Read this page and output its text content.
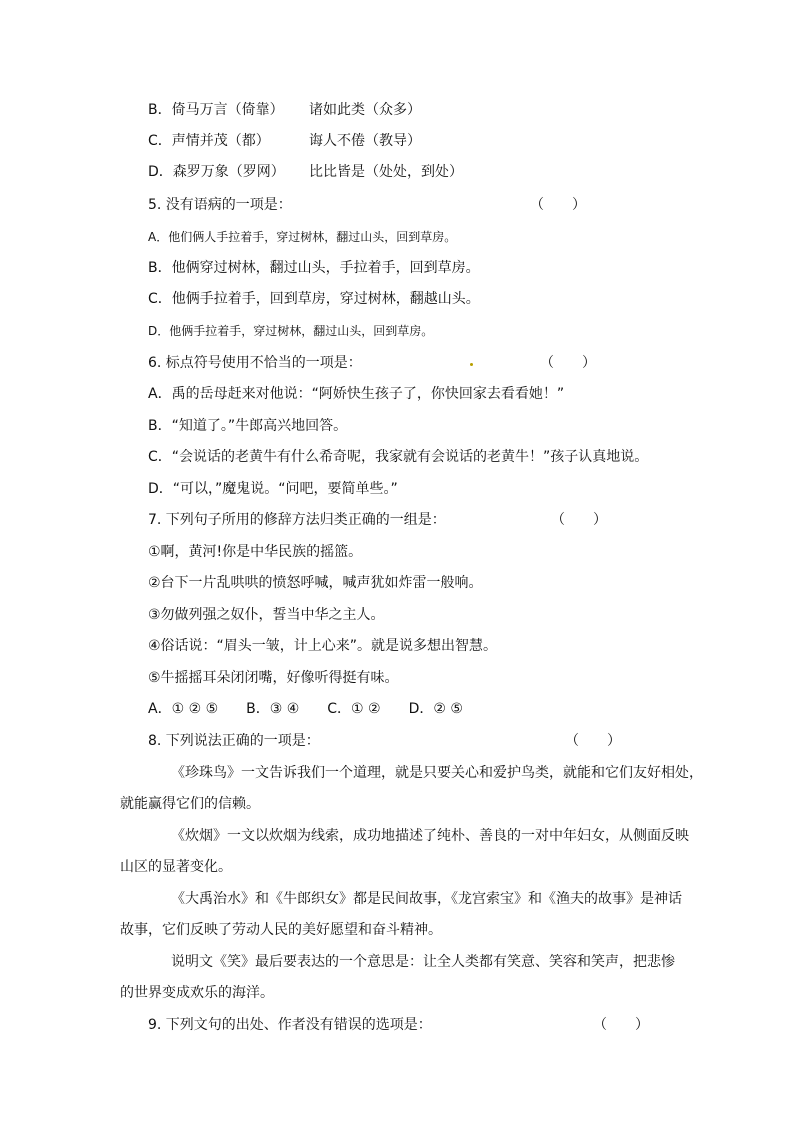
B．倚马万言（倚靠） 诸如此类（众多）
C．声情并茂（都）	诲人不倦（教导）
D．森罗万象（罗网） 比比皆是（处处，到处）
5. 没有语病的一项是：	（　　）
A．他们俩人手拉着手，穿过树林，翻过山头，回到草房。
B．他俩穿过树林，翻过山头，手拉着手，回到草房。
C．他俩手拉着手，回到草房，穿过树林，翻越山头。
D．他俩手拉着手，穿过树林，翻过山头，回到草房。
6. 标点符号使用不恰当的一项是：	（　　）
A．禹的岳母赶来对他说：“阿娇快生孩子了，你快回家去看看她！”
B．“知道了。”牛郎高兴地回答。
C．“会说话的老黄牛有什么希奇呢，我家就有会说话的老黄牛！”孩子认真地说。
D．“可以，”魔鬼说。“问吧，要简单些。”
7. 下列句子所用的修辞方法归类正确的一组是：	（　　）
①啊，黄河!你是中华民族的摇篮。
②台下一片乱哄哄的愤怒呼喊，喊声犹如炸雷一般响。
③勿做列强之奴仆，誓当中华之主人。
④俗话说：“眉头一皱，计上心来”。就是说多想出智慧。
⑤牛摇摇耳朵闭闭嘴，好像听得挺有味。
A．① ② ⑤　　B．③ ④　　C．① ②　　D．② ⑤
8. 下列说法正确的一项是：	（　　）
《珍珠鸟》一文告诉我们一个道理，就是只要关心和爱护鸟类，就能和它们友好相处，
就能赢得它们的信赖。
《炊烟》一文以炊烟为线索，成功地描述了纯朴、善良的一对中年妇女，从侧面反映
山区的显著变化。
《大禹治水》和《牛郎织女》都是民间故事，《龙宫索宝》和《渔夫的故事》是神话
故事，它们反映了劳动人民的美好愿望和奋斗精神。
说明文《笑》最后要表达的一个意思是：让全人类都有笑意、笑容和笑声，把悲惨
的世界变成欢乐的海洋。
9. 下列文句的出处、作者没有错误的选项是：	（　　）
